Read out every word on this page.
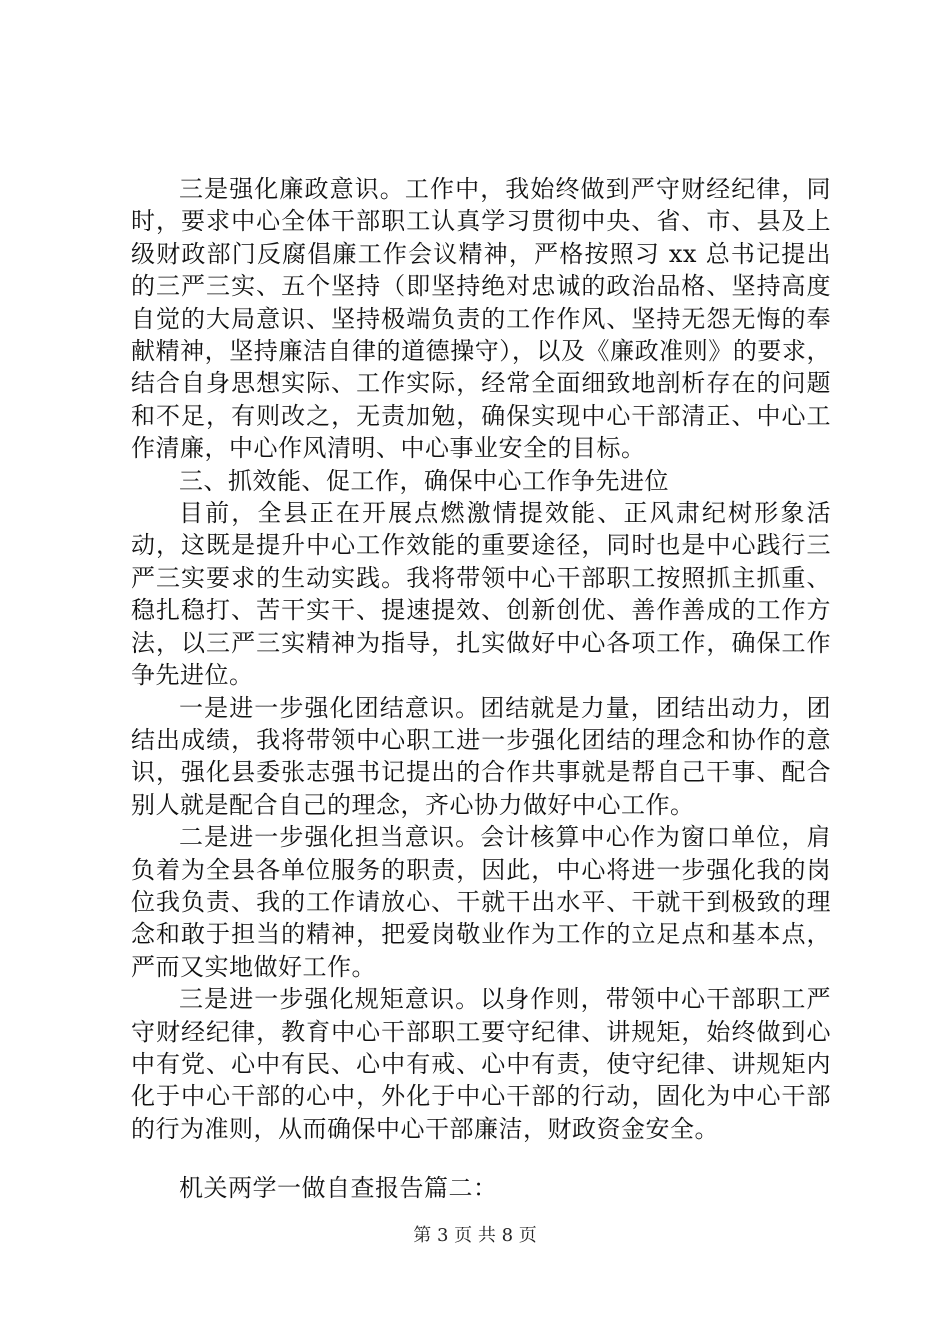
三是强化廉政意识。工作中，我始终做到严守财经纪律，同时，要求中心全体干部职工认真学习贯彻中央、省、市、县及上级财政部门反腐倡廉工作会议精神，严格按照习 xx 总书记提出的三严三实、五个坚持（即坚持绝对忠诚的政治品格、坚持高度自觉的大局意识、坚持极端负责的工作作风、坚持无怨无悔的奉献精神，坚持廉洁自律的道德操守），以及《廉政准则》的要求，结合自身思想实际、工作实际，经常全面细致地剖析存在的问题和不足，有则改之，无责加勉，确保实现中心干部清正、中心工作清廉，中心作风清明、中心事业安全的目标。

三、抓效能、促工作，确保中心工作争先进位

目前，全县正在开展点燃激情提效能、正风肃纪树形象活动，这既是提升中心工作效能的重要途径，同时也是中心践行三严三实要求的生动实践。我将带领中心干部职工按照抓主抓重、稳扎稳打、苦干实干、提速提效、创新创优、善作善成的工作方法，以三严三实精神为指导，扎实做好中心各项工作，确保工作争先进位。

一是进一步强化团结意识。团结就是力量，团结出动力，团结出成绩，我将带领中心职工进一步强化团结的理念和协作的意识，强化县委张志强书记提出的合作共事就是帮自己干事、配合别人就是配合自己的理念，齐心协力做好中心工作。

二是进一步强化担当意识。会计核算中心作为窗口单位，肩负着为全县各单位服务的职责，因此，中心将进一步强化我的岗位我负责、我的工作请放心、干就干出水平、干就干到极致的理念和敢于担当的精神，把爱岗敬业作为工作的立足点和基本点，严而又实地做好工作。

三是进一步强化规矩意识。以身作则，带领中心干部职工严守财经纪律，教育中心干部职工要守纪律、讲规矩，始终做到心中有党、心中有民、心中有戒、心中有责，使守纪律、讲规矩内化于中心干部的心中，外化于中心干部的行动，固化为中心干部的行为准则，从而确保中心干部廉洁，财政资金安全。

机关两学一做自查报告篇二：

第 3 页 共 8 页
